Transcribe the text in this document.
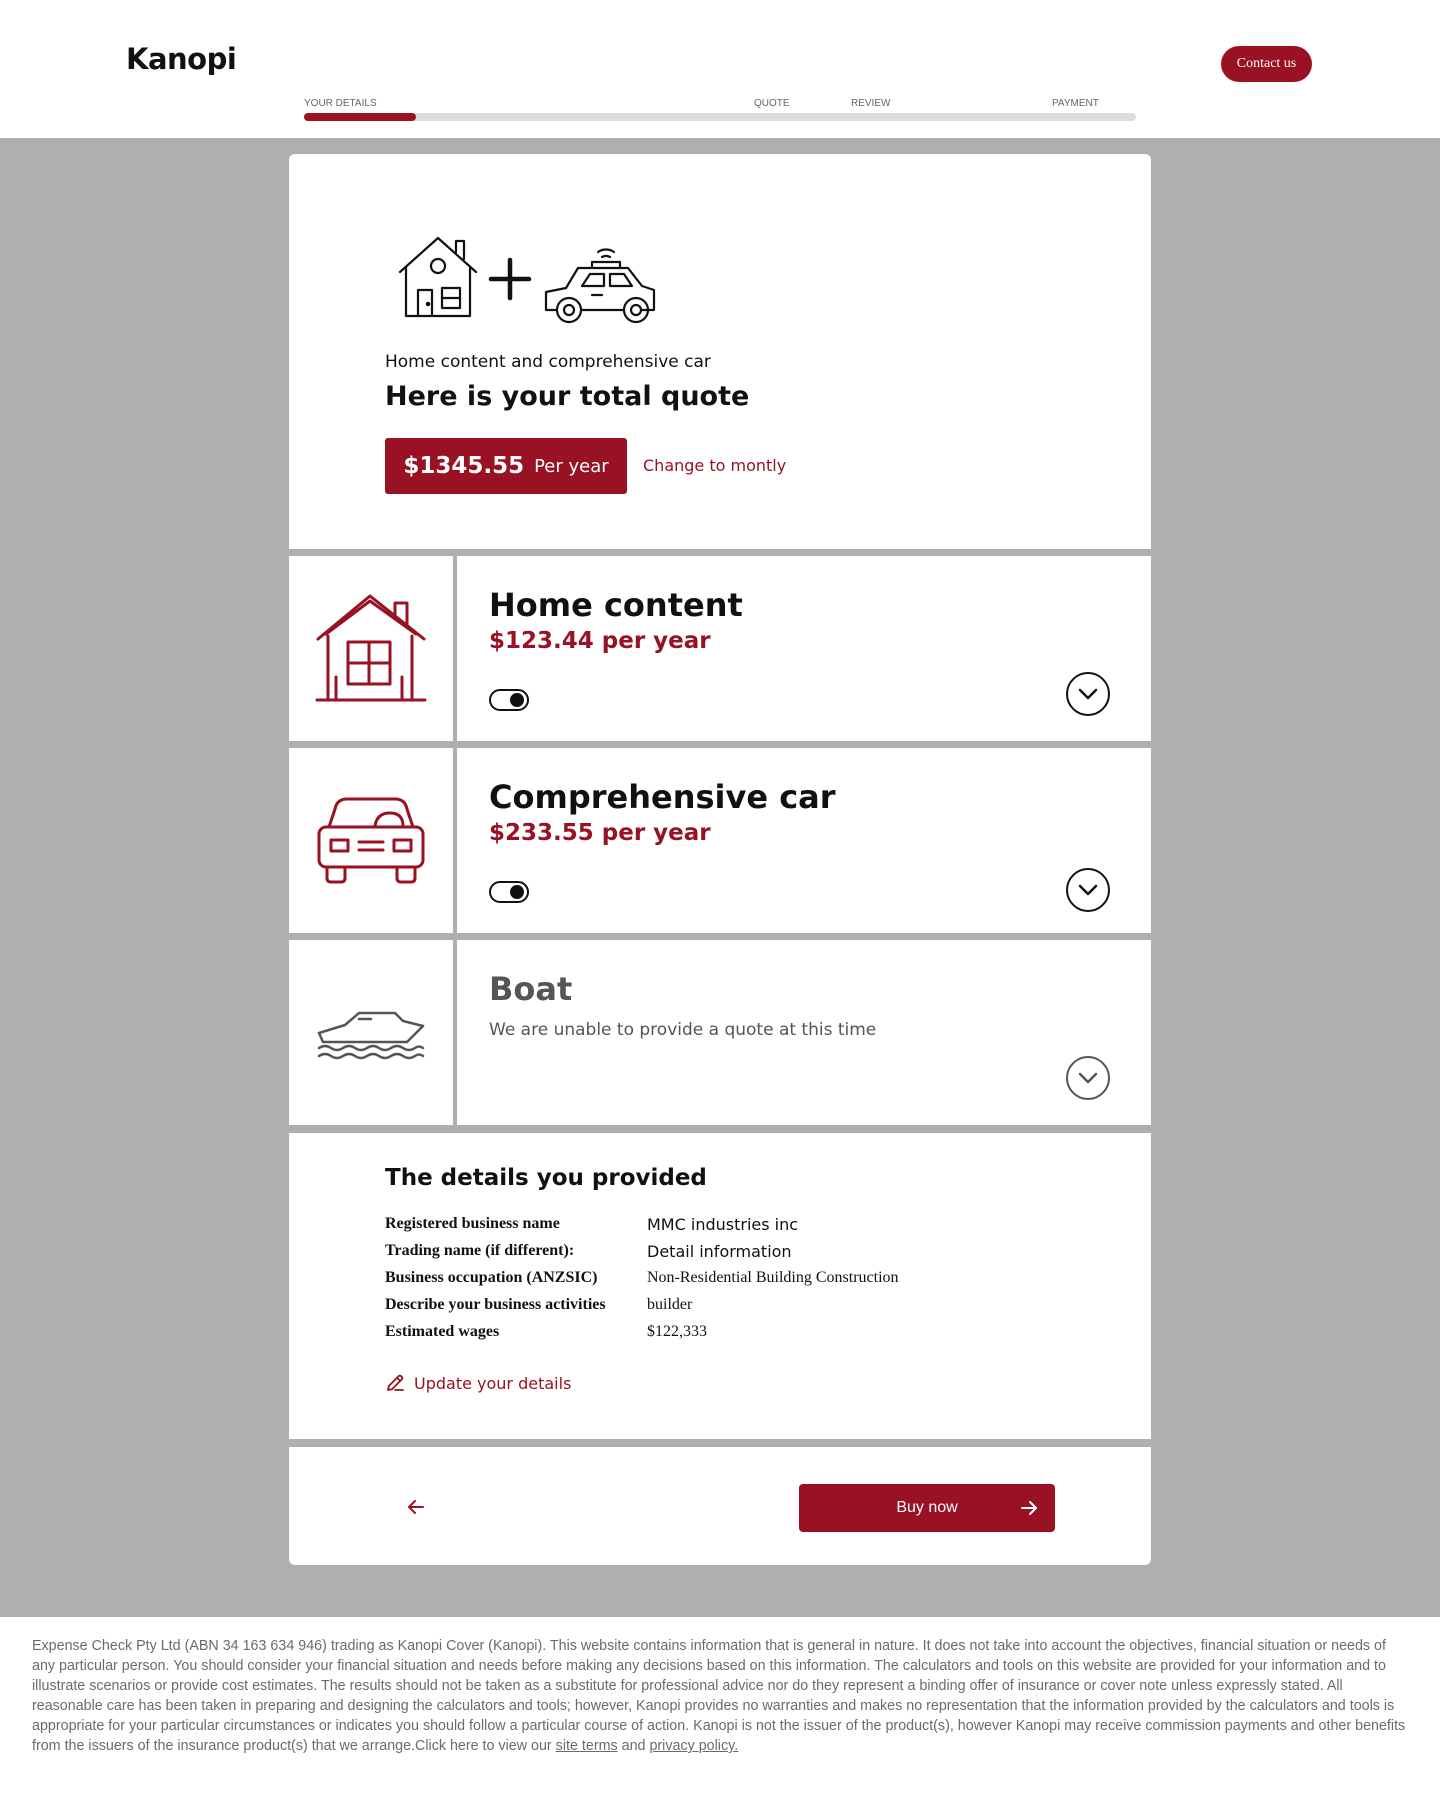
Kanopi	Contact us
YOUR DETAILS	QUOTE	REVIEW	PAYMENT
Home content and comprehensive car
Here is your total quote
$1345.55 Per year Change to montly
Home content
$123.44 per year
Comprehensive car
$233.55 per year
Boat
We are unable to provide a quote at this time
The details you provided
Registered business name	MMC industries inc
Trading name (if different):	Detail information
Business occupation (ANZSIC)	Non-Residential Building Construction
Describe your business activities	builder
Estimated wages	$122,333
Update your details
Buy now
Expense Check Pty Ltd (ABN 34 163 634 946) trading as Kanopi Cover (Kanopi). This website contains information that is general in nature. It does not take into account the objectives, financial situation or needs of any particular person. You should consider your financial situation and needs before making any decisions based on this information. The calculators and tools on this website are provided for your information and to illustrate scenarios or provide cost estimates. The results should not be taken as a substitute for professional advice nor do they represent a binding offer of insurance or cover note unless expressly stated. All reasonable care has been taken in preparing and designing the calculators and tools; however, Kanopi provides no warranties and makes no representation that the information provided by the calculators and tools is appropriate for your particular circumstances or indicates you should follow a particular course of action. Kanopi is not the issuer of the product(s), however Kanopi may receive commission payments and other benefits from the issuers of the insurance product(s) that we arrange.Click here to view our site terms and privacy policy.
